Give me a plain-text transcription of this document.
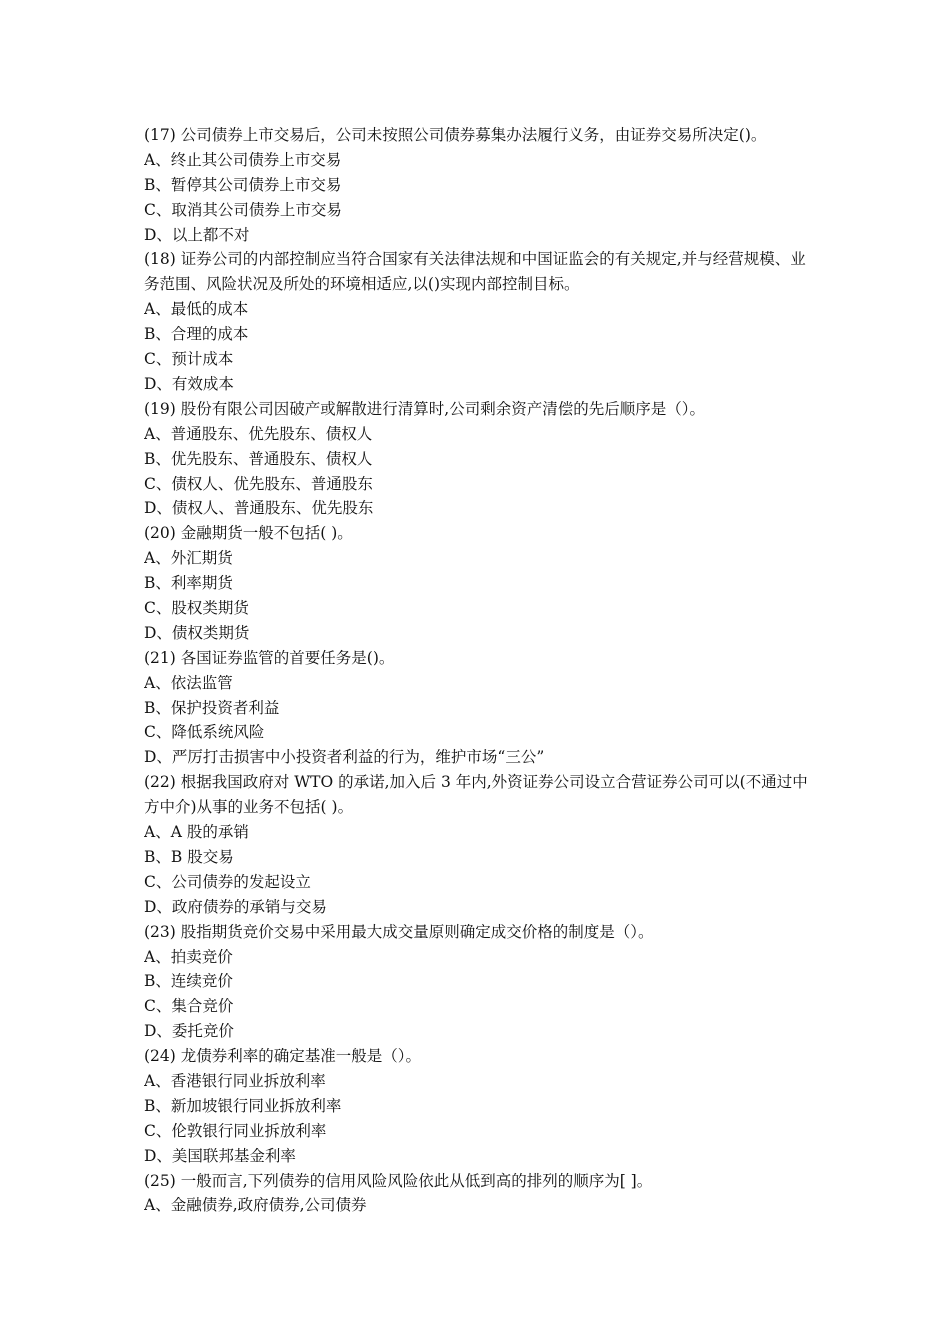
(17) 公司债券上市交易后，公司未按照公司债券募集办法履行义务，由证券交易所决定()。
A、终止其公司债券上市交易
B、暂停其公司债券上市交易
C、取消其公司债券上市交易
D、以上都不对
(18) 证券公司的内部控制应当符合国家有关法律法规和中国证监会的有关规定,并与经营规模、业务范围、风险状况及所处的环境相适应,以()实现内部控制目标。
A、最低的成本
B、合理的成本
C、预计成本
D、有效成本
(19) 股份有限公司因破产或解散进行清算时,公司剩余资产清偿的先后顺序是（）。
A、普通股东、优先股东、债权人
B、优先股东、普通股东、债权人
C、债权人、优先股东、普通股东
D、债权人、普通股东、优先股东
(20) 金融期货一般不包括( )。
A、外汇期货
B、利率期货
C、股权类期货
D、债权类期货
(21) 各国证券监管的首要任务是()。
A、依法监管
B、保护投资者利益
C、降低系统风险
D、严厉打击损害中小投资者利益的行为，维护市场“三公”
(22) 根据我国政府对 WTO 的承诺,加入后 3 年内,外资证券公司设立合营证券公司可以(不通过中方中介)从事的业务不包括( )。
A、A 股的承销
B、B 股交易
C、公司债券的发起设立
D、政府债券的承销与交易
(23) 股指期货竞价交易中采用最大成交量原则确定成交价格的制度是（）。
A、拍卖竞价
B、连续竞价
C、集合竞价
D、委托竞价
(24) 龙债券利率的确定基准一般是（）。
A、香港银行同业拆放利率
B、新加坡银行同业拆放利率
C、伦敦银行同业拆放利率
D、美国联邦基金利率
(25) 一般而言,下列债券的信用风险风险依此从低到高的排列的顺序为[ ]。
A、金融债券,政府债券,公司债券
